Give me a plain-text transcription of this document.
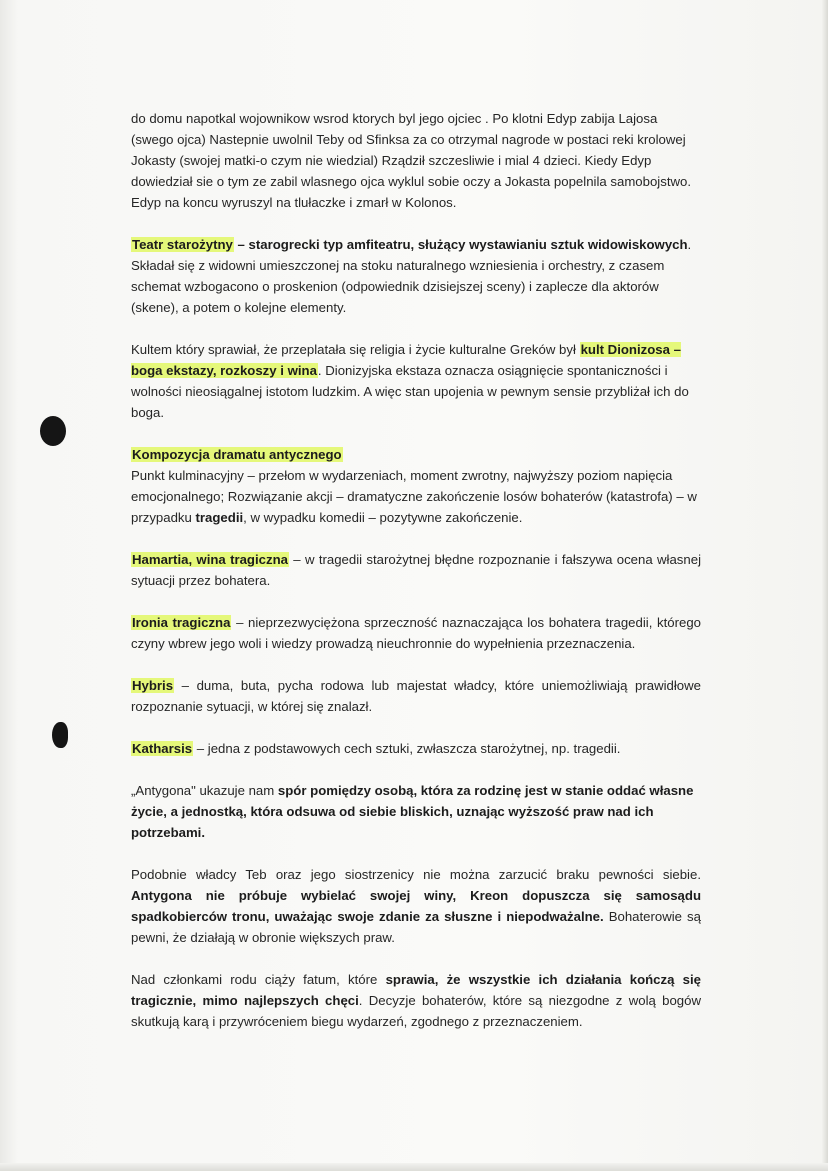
do domu napotkal wojownikow wsrod ktorych byl jego ojciec . Po klotni Edyp zabija Lajosa (swego ojca) Nastepnie uwolnil Teby od Sfinksa za co otrzymal nagrode w postaci reki krolowej Jokasty (swojej matki-o czym nie wiedzial) Rządził szczesliwie i mial 4 dzieci. Kiedy Edyp dowiedział sie o tym ze zabil wlasnego ojca wyklul sobie oczy a Jokasta popelnila samobojstwo. Edyp na koncu wyruszyl na tlułaczke i zmarł w Kolonos.

Teatr starożytny – starogrecki typ amfiteatru, służący wystawianiu sztuk widowiskowych. Składał się z widowni umieszczonej na stoku naturalnego wzniesienia i orchestry, z czasem schemat wzbogacono o proskenion (odpowiednik dzisiejszej sceny) i zaplecze dla aktorów (skene), a potem o kolejne elementy.

Kultem który sprawiał, że przeplatała się religia i życie kulturalne Greków był kult Dionizosa – boga ekstazy, rozkoszy i wina. Dionizyjska ekstaza oznacza osiągnięcie spontaniczności i wolności nieosiągalnej istotom ludzkim. A więc stan upojenia w pewnym sensie przybliżał ich do boga.

Kompozycja dramatu antycznego
Punkt kulminacyjny – przełom w wydarzeniach, moment zwrotny, najwyższy poziom napięcia emocjonalnego; Rozwiązanie akcji – dramatyczne zakończenie losów bohaterów (katastrofa) – w przypadku tragedii, w wypadku komedii – pozytywne zakończenie.

Hamartia, wina tragiczna – w tragedii starożytnej błędne rozpoznanie i fałszywa ocena własnej sytuacji przez bohatera.

Ironia tragiczna – nieprzezwyciężona sprzeczność naznaczająca los bohatera tragedii, którego czyny wbrew jego woli i wiedzy prowadzą nieuchronnie do wypełnienia przeznaczenia.

Hybris – duma, buta, pycha rodowa lub majestat władcy, które uniemożliwiają prawidłowe rozpoznanie sytuacji, w której się znalazł.

Katharsis – jedna z podstawowych cech sztuki, zwłaszcza starożytnej, np. tragedii.

„Antygona" ukazuje nam spór pomiędzy osobą, która za rodzinę jest w stanie oddać własne życie, a jednostką, która odsuwa od siebie bliskich, uznając wyższość praw nad ich potrzebami.

Podobnie władcy Teb oraz jego siostrzenicy nie można zarzucić braku pewności siebie. Antygona nie próbuje wybielać swojej winy, Kreon dopuszcza się samosądu spadkobierców tronu, uważając swoje zdanie za słuszne i niepodważalne. Bohaterowie są pewni, że działają w obronie większych praw.

Nad członkami rodu ciąży fatum, które sprawia, że wszystkie ich działania kończą się tragicznie, mimo najlepszych chęci. Decyzje bohaterów, które są niezgodne z wolą bogów skutkują karą i przywróceniem biegu wydarzeń, zgodnego z przeznaczeniem.
